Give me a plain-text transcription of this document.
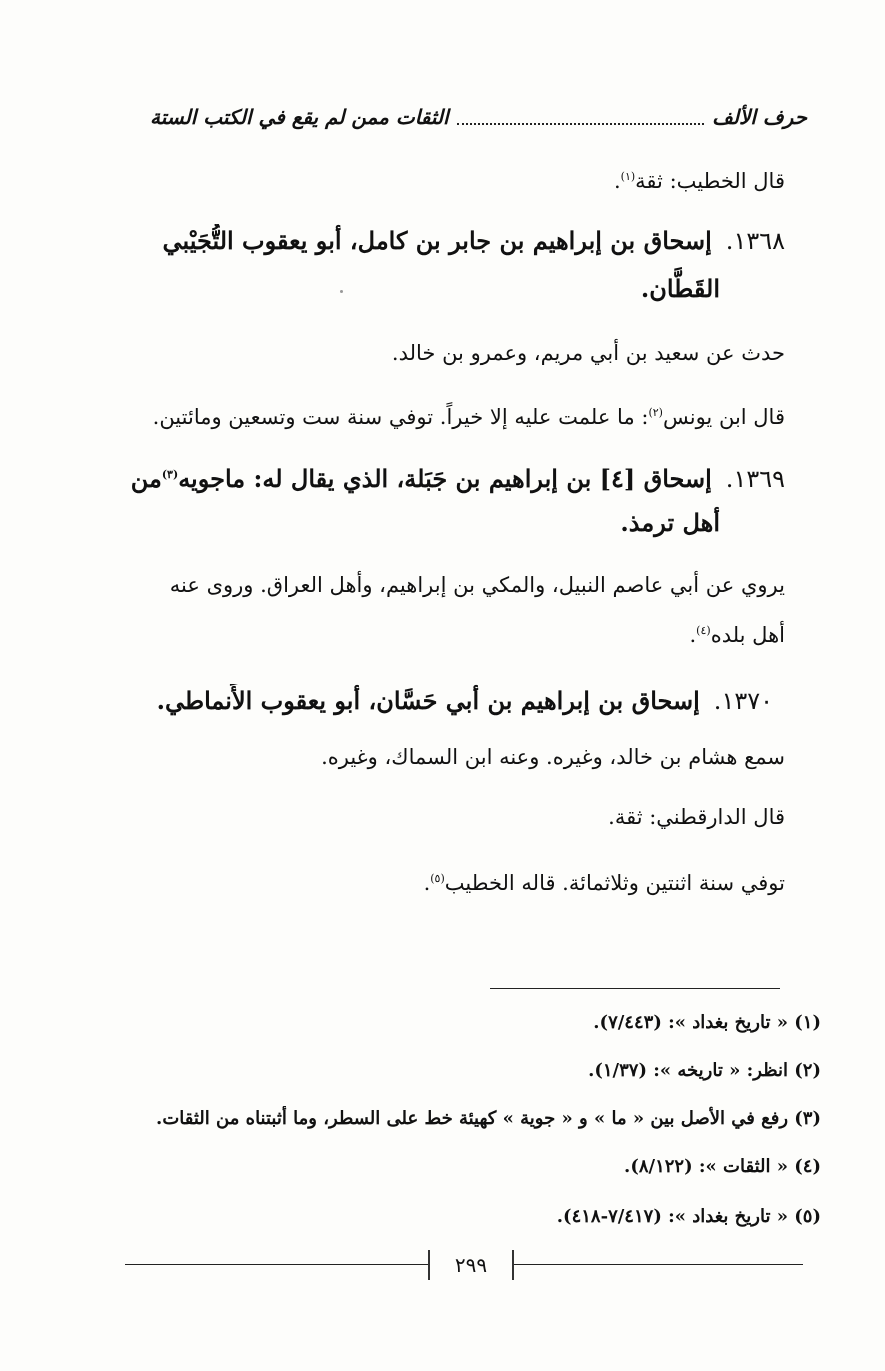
حرف الألف
الثقات ممن لم يقع في الكتب الستة
قال الخطيب: ثقة$^{(١)}$.
١٣٦٨.إسحاق بن إبراهيم بن جابر بن كامل، أبو يعقوب التُّجَيْبي
القَطَّان.
حدث عن سعيد بن أبي مريم، وعمرو بن خالد.
قال ابن يونس$^{(٢)}$: ما علمت عليه إلا خيراً. توفي سنة ست وتسعين ومائتين.
١٣٦٩.إسحاق [٤] بن إبراهيم بن جَبَلة، الذي يقال له: ماجويه$^{(٣)}$من
أهل ترمذ.
يروي عن أبي عاصم النبيل، والمكي بن إبراهيم، وأهل العراق. وروى عنه
أهل بلده$^{(٤)}$.
١٣٧٠.إسحاق بن إبراهيم بن أبي حَسَّان، أبو يعقوب الأَنماطي.
سمع هشام بن خالد، وغيره. وعنه ابن السماك، وغيره.
قال الدارقطني: ثقة.
توفي سنة اثنتين وثلاثمائة. قاله الخطيب$^{(٥)}$.
(١) « تاريخ بغداد »: (٧/٤٤٣).
(٢) انظر: « تاريخه »: (١/٣٧).
(٣) رفع في الأصل بين « ما » و « جوية » كهيئة خط على السطر، وما أثبتناه من الثقات.
(٤) « الثقات »: (٨/١٢٢).
(٥) « تاريخ بغداد »: (٧/٤١٧-٤١٨).
٢٩٩
